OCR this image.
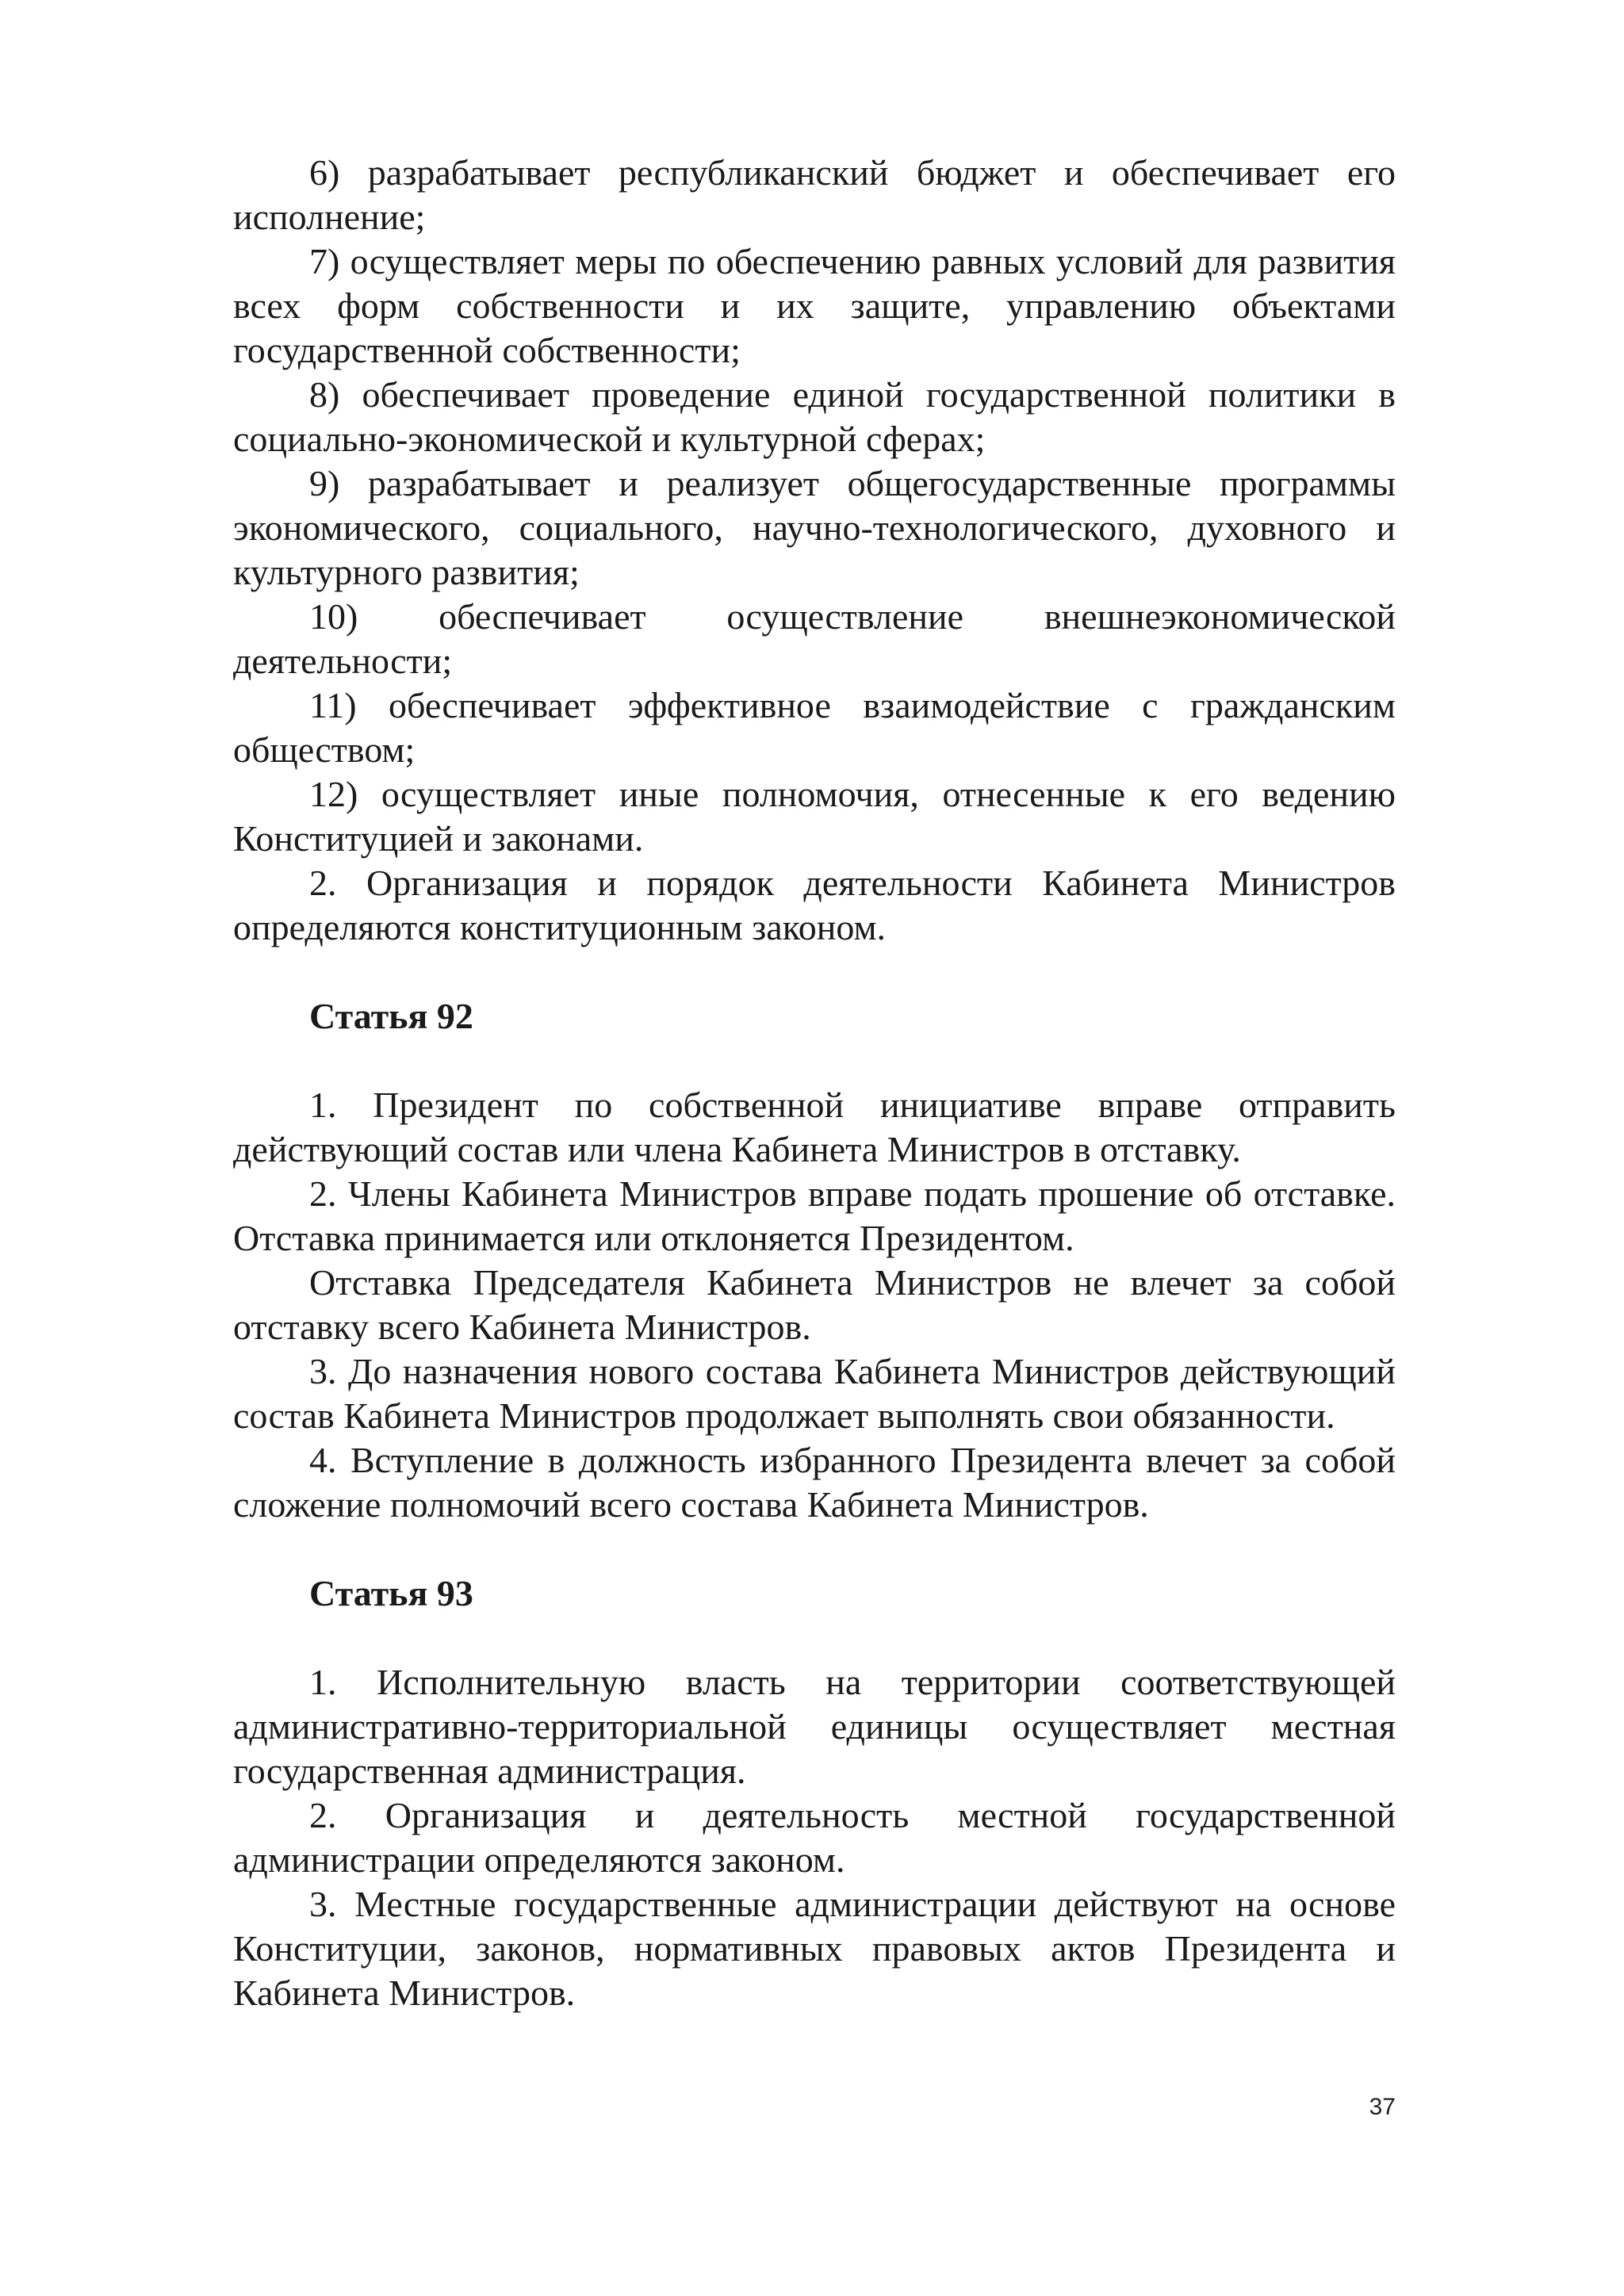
6) разрабатывает республиканский бюджет и обеспечивает его исполнение;

7) осуществляет меры по обеспечению равных условий для развития всех форм собственности и их защите, управлению объектами государственной собственности;

8) обеспечивает проведение единой государственной политики в социально-экономической и культурной сферах;

9) разрабатывает и реализует общегосударственные программы экономического, социального, научно-технологического, духовного и культурного развития;

10) обеспечивает осуществление внешнеэкономической деятельности;

11) обеспечивает эффективное взаимодействие с гражданским обществом;

12) осуществляет иные полномочия, отнесенные к его ведению Конституцией и законами.

2. Организация и порядок деятельности Кабинета Министров определяются конституционным законом.

Статья 92

1. Президент по собственной инициативе вправе отправить действующий состав или члена Кабинета Министров в отставку.

2. Члены Кабинета Министров вправе подать прошение об отставке. Отставка принимается или отклоняется Президентом.

Отставка Председателя Кабинета Министров не влечет за собой отставку всего Кабинета Министров.

3. До назначения нового состава Кабинета Министров действующий состав Кабинета Министров продолжает выполнять свои обязанности.

4. Вступление в должность избранного Президента влечет за собой сложение полномочий всего состава Кабинета Министров.

Статья 93

1. Исполнительную власть на территории соответствующей административно-территориальной единицы осуществляет местная государственная администрация.

2. Организация и деятельность местной государственной администрации определяются законом.

3. Местные государственные администрации действуют на основе Конституции, законов, нормативных правовых актов Президента и Кабинета Министров.

37
